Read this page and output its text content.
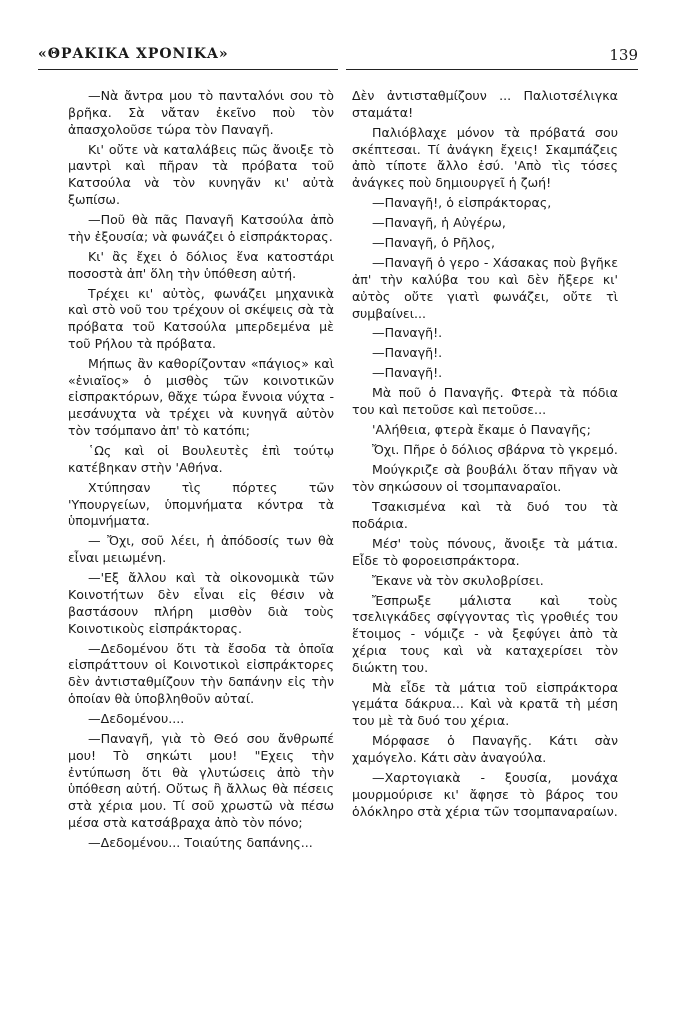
«ΘΡΑΚΙΚΑ ΧΡΟΝΙΚΑ»	139

—Νὰ ἄντρα μου τὸ πανταλόνι σου τὸ βρῆκα. Σὰ νἄταν ἐκεῖνο ποὺ τὸν ἀπασχολοῦσε τώρα τὸν Παναγῆ.

Κι' οὔτε νὰ καταλάβεις πῶς ἄνοιξε τὸ μαντρὶ καὶ πῆραν τὰ πρόβατα τοῦ Κατσούλα νὰ τὸν κυνηγᾶν κι' αὐτὰ ξωπίσω.

—Ποῦ θὰ πᾶς Παναγῆ Κατσούλα ἀπὸ τὴν ἐξουσία; νὰ φωνάζει ὁ εἰσπράκτορας.

Κι' ἂς ἔχει ὁ δόλιος ἕνα κατοστάρι ποσοστὰ ἀπ' ὅλη τὴν ὑπόθεση αὐτή.

Τρέχει κι' αὐτὸς, φωνάζει μηχανικὰ καὶ στὸ νοῦ του τρέχουν οἱ σκέψεις σὰ τὰ πρόβατα τοῦ Κατσούλα μπερδεμένα μὲ τοῦ Ρήλου τὰ πρόβατα.

Μήπως ἂν καθορίζονταν «πάγιος» καὶ «ἐνιαῖος» ὁ μισθὸς τῶν κοινοτικῶν εἰσπρακτόρων, θἄχε τώρα ἔννοια νύχτα - μεσάνυχτα νὰ τρέχει νὰ κυνηγᾶ αὐτὸν τὸν τσόμπανο ἀπ' τὸ κατόπι;

῾Ως καὶ οἱ Βουλευτὲς ἐπὶ τούτῳ κατέβηκαν στὴν 'Αθήνα.

Χτύπησαν τὶς πόρτες τῶν 'Υπουργείων, ὑπομνήματα κόντρα τὰ ὑπομνήματα.

— Ὄχι, σοῦ λέει, ἡ ἀπόδοσίς των θὰ εἶναι μειωμένη.

—'Εξ ἄλλου καὶ τὰ οἰκονομικὰ τῶν Κοινοτήτων δὲν εἶναι εἰς θέσιν νὰ βαστάσουν πλήρη μισθὸν διὰ τοὺς Κοινοτικοὺς εἰσπράκτορας.

—Δεδομένου ὅτι τὰ ἔσοδα τὰ ὁποῖα εἰσπράττουν οἱ Κοινοτικοὶ εἰσπράκτορες δὲν ἀντισταθμίζουν τὴν δαπάνην εἰς τὴν ὁποίαν θὰ ὑποβληθοῦν αὐταί.

—Δεδομένου....

—Παναγῆ, γιὰ τὸ Θεό σου ἄνθρωπέ μου! Τὸ σηκώτι μου! "Εχεις τὴν ἐντύπωση ὅτι θὰ γλυτώσεις ἀπὸ τὴν ὑπόθεση αὐτή. Οὔτως ἢ ἄλλως θὰ πέσεις στὰ χέρια μου. Τί σοῦ χρωστῶ νὰ πέσω μέσα στὰ κατσάβραχα ἀπὸ τὸν πόνο;

—Δεδομένου... Τοιαύτης δαπάνης...

Δὲν ἀντισταθμίζουν ... Παλιοτσέλιγκα σταμάτα!

Παλιόβλαχε μόνον τὰ πρόβατά σου σκέπτεσαι. Τί ἀνάγκη ἔχεις! Σκαμπάζεις ἀπὸ τίποτε ἄλλο ἐσύ. 'Απὸ τὶς τόσες ἀνάγκες ποὺ δημιουργεῖ ἡ ζωή!

—Παναγῆ!, ὁ εἰσπράκτορας,

—Παναγῆ, ἡ Αὐγέρω,

—Παναγῆ, ὁ Ρῆλος,

—Παναγῆ ὁ γερο - Χάσακας ποὺ βγῆκε ἀπ' τὴν καλύβα του καὶ δὲν ἤξερε κι' αὐτὸς οὔτε γιατὶ φωνάζει, οὔτε τὶ συμβαίνει...

—Παναγῆ!.

—Παναγῆ!.

—Παναγῆ!.

Μὰ ποῦ ὁ Παναγῆς. Φτερὰ τὰ πόδια του καὶ πετοῦσε καὶ πετοῦσε...

'Αλήθεια, φτερὰ ἔκαμε ὁ Παναγῆς;

Ὄχι. Πῆρε ὁ δόλιος σβάρνα τὸ γκρεμό.

Μούγκριζε σὰ βουβάλι ὅταν πῆγαν νὰ τὸν σηκώσουν οἱ τσομπαναραῖοι.

Τσακισμένα καὶ τὰ δυό του τὰ ποδάρια.

Μέσ' τοὺς πόνους, ἄνοιξε τὰ μάτια. Εἶδε τὸ φοροεισπράκτορα.

Ἔκανε νὰ τὸν σκυλοβρίσει.

Ἔσπρωξε μάλιστα καὶ τοὺς τσελιγκάδες σφίγγοντας τὶς γροθιές του ἕτοιμος - νόμιζε - νὰ ξεφύγει ἀπὸ τὰ χέρια τους καὶ νὰ καταχερίσει τὸν διώκτη του.

Μὰ εἶδε τὰ μάτια τοῦ εἰσπράκτορα γεμάτα δάκρυα... Καὶ νὰ κρατᾶ τὴ μέση του μὲ τὰ δυό του χέρια.

Μόρφασε ὁ Παναγῆς. Κάτι σὰν χαμόγελο. Κάτι σὰν ἀναγούλα.

—Χαρτογιακὰ - ξουσία, μονάχα μουρμούρισε κι' ἄφησε τὸ βάρος του ὁλόκληρο στὰ χέρια τῶν τσομπαναραίων.
